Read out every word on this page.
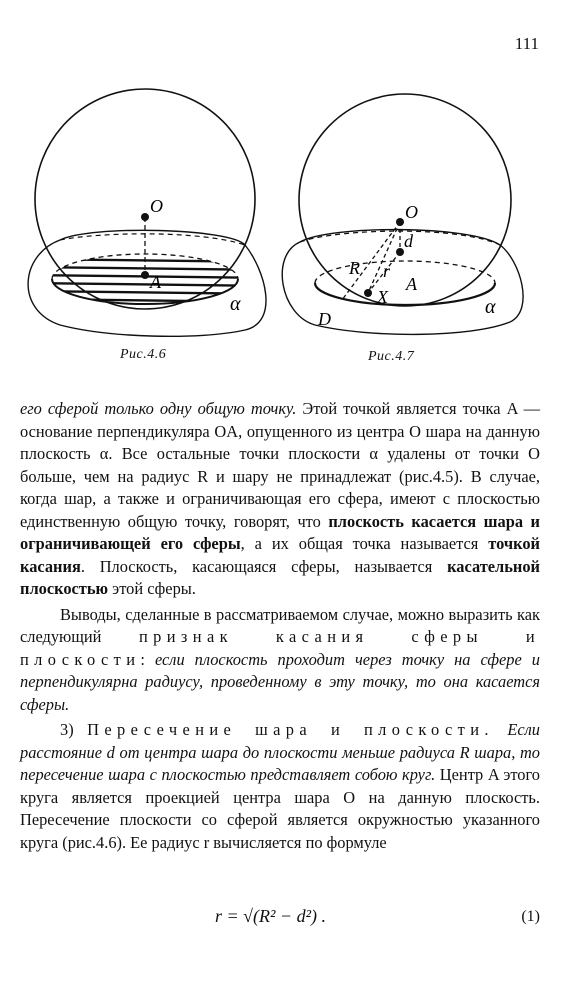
111
O
A
α
O
d
R r
A
X
D
α
Рис.4.6	Рис.4.7

его сферой только одну общую точку. Этой точкой является точка A — основание перпендикуляра OA, опущенного из центра O шара на данную плоскость α. Все остальные точки плоскости α удалены от точки O больше, чем на радиус R и шару не принадлежат (рис.4.5). В случае, когда шар, а также и ограничивающая его сфера, имеют с плоскостью единственную общую точку, говорят, что плоскость касается шара и ограничивающей его сферы, а их общая точка называется точкой касания. Плоскость, касающаяся сферы, называется касательной плоскостью этой сферы.

Выводы, сделанные в рассматриваемом случае, можно выразить как следующий признак касания сферы и плоскости: если плоскость проходит через точку на сфере и перпендикулярна радиусу, проведенному в эту точку, то она касается сферы.

3) Пересечение шара и плоскости. Если расстояние d от центра шара до плоскости меньше радиуса R шара, то пересечение шара с плоскостью представляет собою круг. Центр A этого круга является проекцией центра шара O на данную плоскость. Пересечение плоскости со сферой является окружностью указанного круга (рис.4.6). Ее радиус r вычисляется по формуле

r = √(R² − d²) .	(1)
